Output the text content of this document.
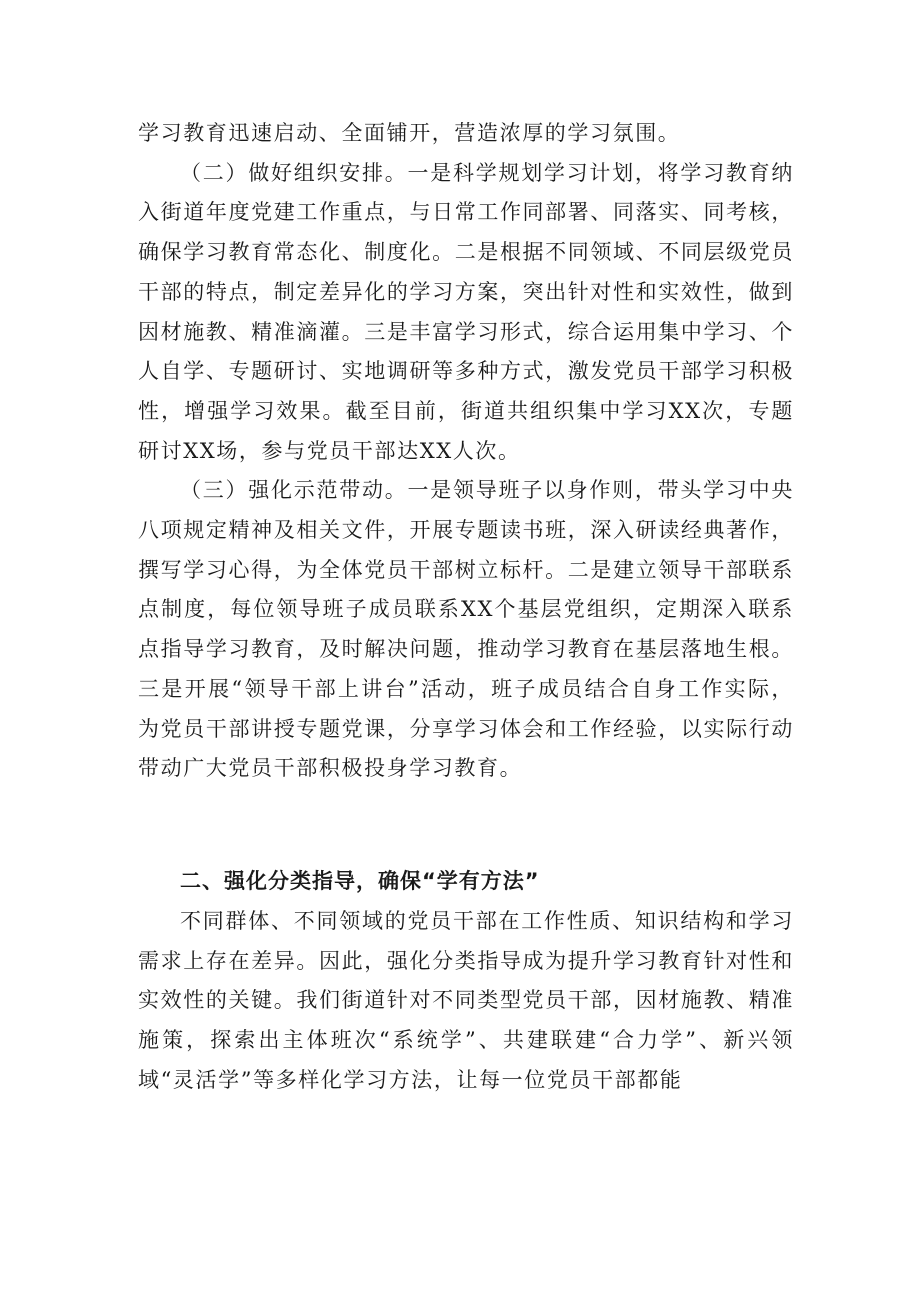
学习教育迅速启动、全面铺开，营造浓厚的学习氛围。

（二）做好组织安排。一是科学规划学习计划，将学习教育纳入街道年度党建工作重点，与日常工作同部署、同落实、同考核，确保学习教育常态化、制度化。二是根据不同领域、不同层级党员干部的特点，制定差异化的学习方案，突出针对性和实效性，做到因材施教、精准滴灌。三是丰富学习形式，综合运用集中学习、个人自学、专题研讨、实地调研等多种方式，激发党员干部学习积极性，增强学习效果。截至目前，街道共组织集中学习XX次，专题研讨XX场，参与党员干部达XX人次。

（三）强化示范带动。一是领导班子以身作则，带头学习中央八项规定精神及相关文件，开展专题读书班，深入研读经典著作，撰写学习心得，为全体党员干部树立标杆。二是建立领导干部联系点制度，每位领导班子成员联系XX个基层党组织，定期深入联系点指导学习教育，及时解决问题，推动学习教育在基层落地生根。三是开展“领导干部上讲台”活动，班子成员结合自身工作实际，为党员干部讲授专题党课，分享学习体会和工作经验，以实际行动带动广大党员干部积极投身学习教育。

二、强化分类指导，确保“学有方法”

不同群体、不同领域的党员干部在工作性质、知识结构和学习需求上存在差异。因此，强化分类指导成为提升学习教育针对性和实效性的关键。我们街道针对不同类型党员干部，因材施教、精准施策，探索出主体班次“系统学”、共建联建“合力学”、新兴领域“灵活学”等多样化学习方法，让每一位党员干部都能
